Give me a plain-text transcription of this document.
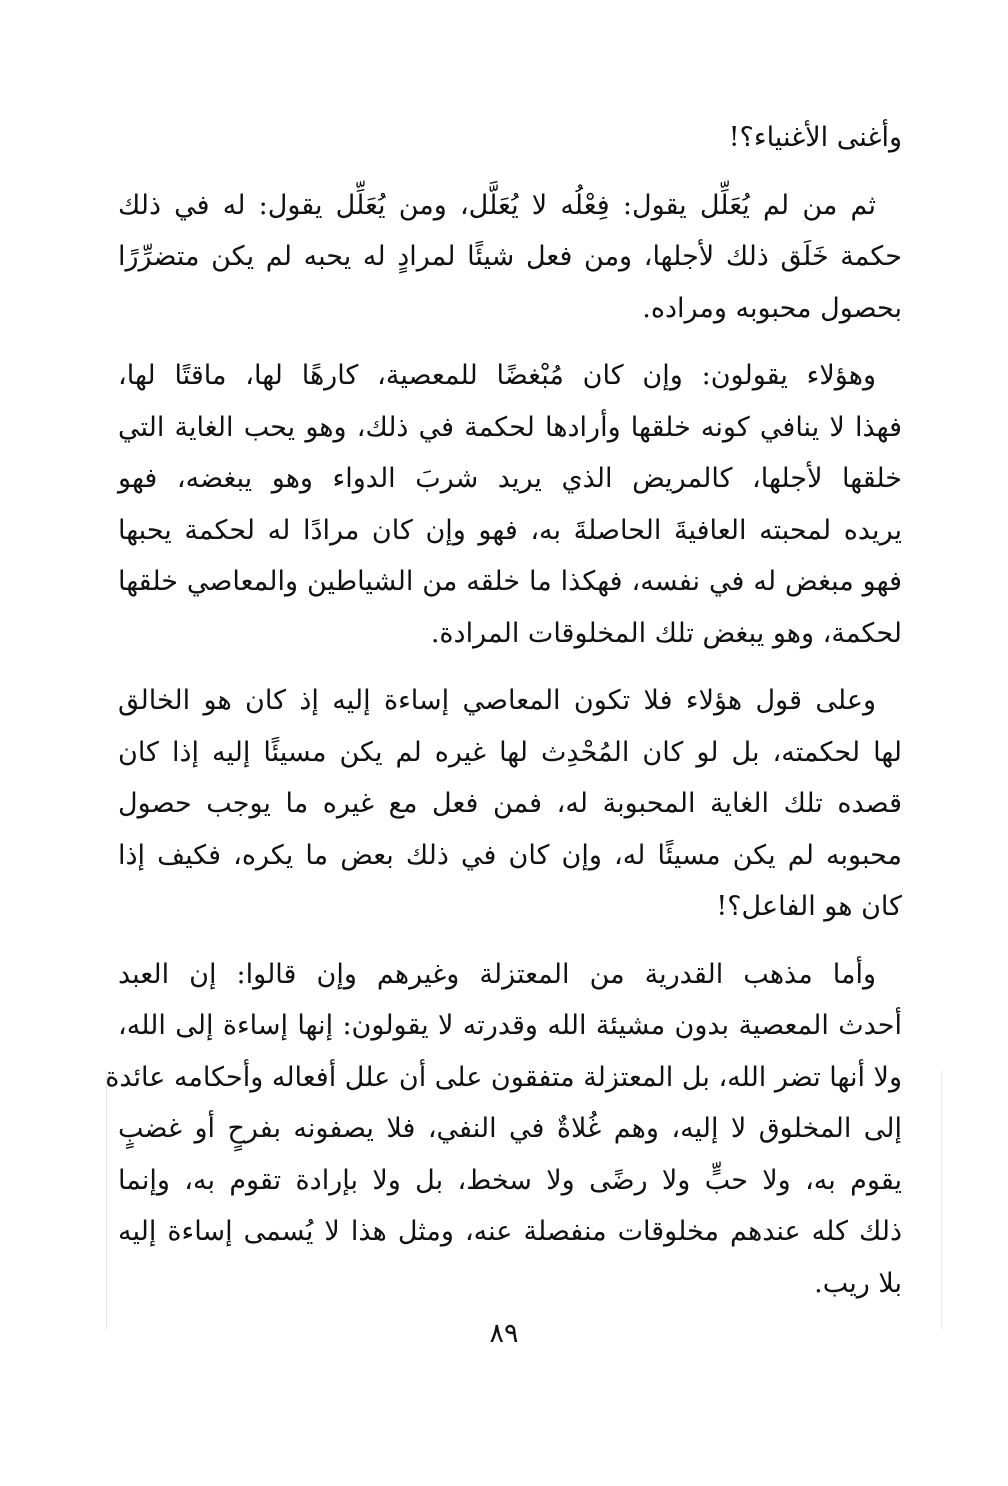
وأغنى الأغنياء؟!
ثم من لم يُعَلِّل يقول: فِعْلُه لا يُعَلَّل، ومن يُعَلِّل يقول: له في ذلك
حكمة خَلَق ذلك لأجلها، ومن فعل شيئًا لمرادٍ له يحبه لم يكن متضرِّرًا
بحصول محبوبه ومراده.
وهؤلاء يقولون: وإن كان مُبْغضًا للمعصية، كارهًا لها، ماقتًا لها،
فهذا لا ينافي كونه خلقها وأرادها لحكمة في ذلك، وهو يحب الغاية التي
خلقها لأجلها، كالمريض الذي يريد شربَ الدواء وهو يبغضه، فهو
يريده لمحبته العافيةَ الحاصلةَ به، فهو وإن كان مرادًا له لحكمة يحبها
فهو مبغض له في نفسه، فهكذا ما خلقه من الشياطين والمعاصي خلقها
لحكمة، وهو يبغض تلك المخلوقات المرادة.
وعلى قول هؤلاء فلا تكون المعاصي إساءة إليه إذ كان هو الخالق
لها لحكمته، بل لو كان المُحْدِث لها غيره لم يكن مسيئًا إليه إذا كان
قصده تلك الغاية المحبوبة له، فمن فعل مع غيره ما يوجب حصول
محبوبه لم يكن مسيئًا له، وإن كان في ذلك بعض ما يكره، فكيف إذا
كان هو الفاعل؟!
وأما مذهب القدرية من المعتزلة وغيرهم وإن قالوا: إن العبد
أحدث المعصية بدون مشيئة الله وقدرته لا يقولون: إنها إساءة إلى الله،
ولا أنها تضر الله، بل المعتزلة متفقون على أن علل أفعاله وأحكامه عائدة
إلى المخلوق لا إليه، وهم غُلاةٌ في النفي، فلا يصفونه بفرحٍ أو غضبٍ
يقوم به، ولا حبٍّ ولا رضًى ولا سخط، بل ولا بإرادة تقوم به، وإنما
ذلك كله عندهم مخلوقات منفصلة عنه، ومثل هذا لا يُسمى إساءة إليه
بلا ريب.
٨٩
